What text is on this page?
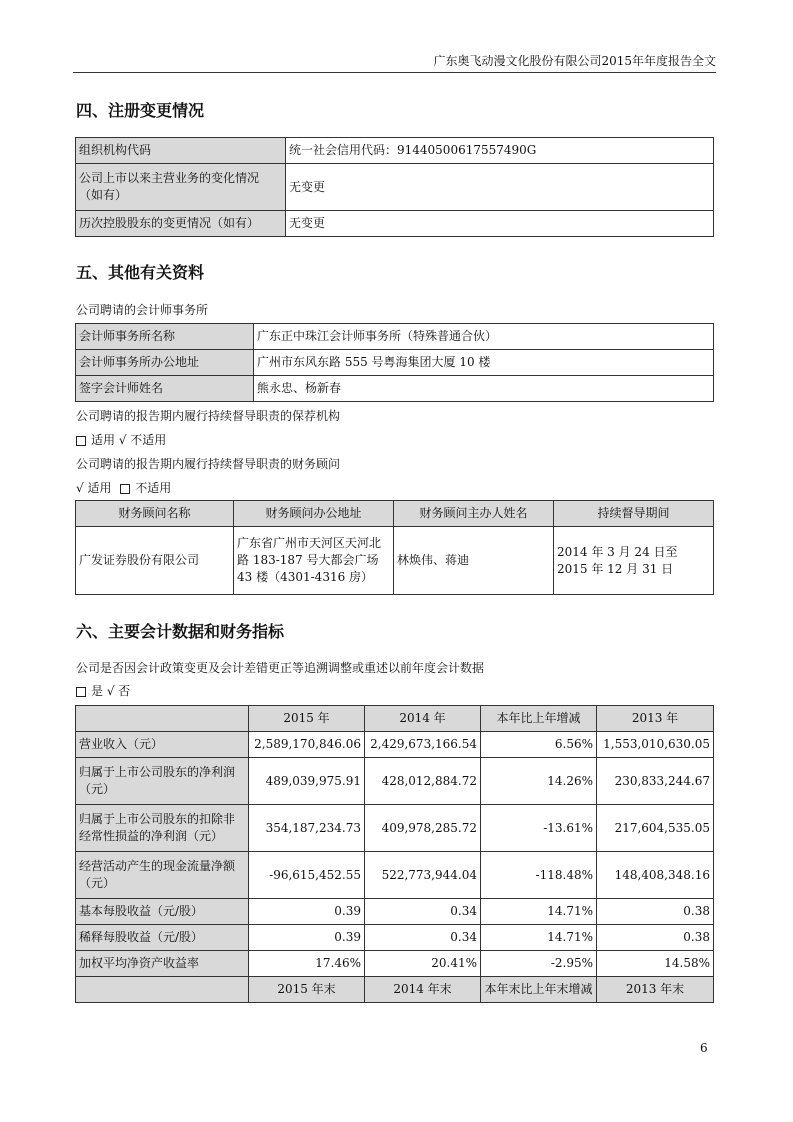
广东奥飞动漫文化股份有限公司2015年年度报告全文
四、注册变更情况
组织机构代码	统一社会信用代码：91440500617557490G
公司上市以来主营业务的变化情况（如有）	无变更
历次控股股东的变更情况（如有）	无变更
五、其他有关资料
公司聘请的会计师事务所
会计师事务所名称	广东正中珠江会计师事务所（特殊普通合伙）
会计师事务所办公地址	广州市东风东路 555 号粤海集团大厦 10 楼
签字会计师姓名	熊永忠、杨新春
公司聘请的报告期内履行持续督导职责的保荐机构
适用 √ 不适用
公司聘请的报告期内履行持续督导职责的财务顾问
√ 适用 不适用
财务顾问名称	财务顾问办公地址	财务顾问主办人姓名	持续督导期间
广发证券股份有限公司	广东省广州市天河区天河北路 183-187 号大都会广场 43 楼（4301-4316 房）	林焕伟、蒋迪	2014 年 3 月 24 日至 2015 年 12 月 31 日
六、主要会计数据和财务指标
公司是否因会计政策变更及会计差错更正等追溯调整或重述以前年度会计数据
是 √ 否
	2015 年	2014 年	本年比上年增减	2013 年
营业收入（元）	2,589,170,846.06	2,429,673,166.54	6.56%	1,553,010,630.05
归属于上市公司股东的净利润（元）	489,039,975.91	428,012,884.72	14.26%	230,833,244.67
归属于上市公司股东的扣除非经常性损益的净利润（元）	354,187,234.73	409,978,285.72	-13.61%	217,604,535.05
经营活动产生的现金流量净额（元）	-96,615,452.55	522,773,944.04	-118.48%	148,408,348.16
基本每股收益（元/股）	0.39	0.34	14.71%	0.38
稀释每股收益（元/股）	0.39	0.34	14.71%	0.38
加权平均净资产收益率	17.46%	20.41%	-2.95%	14.58%
	2015 年末	2014 年末	本年末比上年末增减	2013 年末
6
